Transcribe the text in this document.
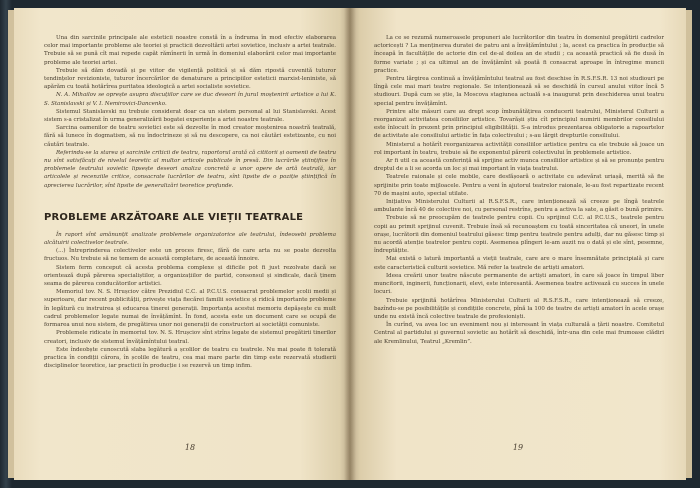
Una din sarcinile principale ale esteticii noastre constă în a îndruma în mod efectiv elaborarea celor mai importante probleme ale teoriei și practicii dezvoltării artei sovietice, inclusiv a artei teatrale. Trebuie să se pună cît mai repede capăt rămînerii în urmă în domeniul elaborării celor mai importante probleme ale teoriei artei.

Trebuie să dăm dovadă și pe viitor de vigilență politică și să dăm ripostă cuvenită tuturor tendințelor revizioniste, tuturor încercărilor de denaturare a principiilor esteticii marxist-leniniste, să apărăm cu toată hotărîrea puritatea ideologică a artei socialiste sovietice.

N. A. Mihailov se oprește asupra discuțiilor care se duc deseori în jurul moștenirii artistice a lui K. S. Stanislavski și V. I. Nemirovici-Dancenko.

Sistemul Stanislavski nu trebuie considerat doar ca un sistem personal al lui Stanislavski. Acest sistem s-a cristalizat în urma generalizării bogatei experiențe a artei noastre teatrale.

Sarcina oamenilor de teatru sovietici este să dezvolte în mod creator moștenirea noastră teatrală, fără să lunece în dogmatism, să nu îndoctrineze și să nu descopere, ca noi căutări estetizante, cu noi căutări teatrale.

Referindu-se la starea și sarcinile criticii de teatru, raportorul arată că cititorii și oamenii de teatru nu sînt satisfăcuți de nivelul teoretic al multor articole publicate în presă. Din lucrările științifice în problemele teatrului sovietic lipsește deseori analiza concretă a unor opere de artă teatrală, iar articolele și recenziile critice, consacrate lucrărilor de teatru, sînt lipsite de o poziție științifică în aprecierea lucrărilor, sînt lipsite de generalizări teoretice profunde.

PROBLEME ARZĂTOARE ALE VIEȚII TEATRALE

În raport sînt amănunțit analizate problemele organizatorice ale teatrului, îndeosebi problema alcătuirii colectivelor teatrale.

(...) Întreprinderea colectivelor este un proces firesc, fără de care arta nu se poate dezvolta fructuos. Nu trebuie să ne temem de această completare, de această înnoire.

Sistem ferm conceput că acesta problema complexe și dificile pot fi just rezolvate dacă se orientează după părerea specialiștilor, a organizațiilor de partid, consonsul și sindicale, dacă ținem seama de părerea conducătorilor artistici.

Memoriul tov. N. S. Hrușciov către Prezidiul C.C. al P.C.U.S. consacrat problemelor școlii medii și superioare, dar recent publicității, privește viața fiecărei familii sovietice și ridică importante probleme în legătură cu instruirea și educarea tinerei generații. Importanța acestui memoriu depășește cu mult cadrul problemelor legate numai de învățămînt. În fond, acesta este un document care se ocupă de formarea unui nou sistem, de pregătirea unor noi generații de constructori ai societății comuniste.

Problemele ridicate în memoriul tov. N. S. Hrușciov sînt strîns legate de sistemul pregătirii tinerilor creatori, inclusiv de sistemul învățămîntului teatral.

Este îndeobște cunoscută slaba legătură a școlilor de teatru cu teatrele. Nu mai poate fi tolerată practica în condiții cărora, în școlile de teatru, cea mai mare parte din timp este rezervată studierii disciplinelor teoretice, iar practicii în producție i se rezervă un timp infim.

18

La ce se rezumă numeroasele propuneri ale lucrătorilor din teatru în domeniul pregătirii cadrelor actoricești ? La menținerea duratei de patru ani a învățămîntului ; la, acest ca practica în producție să înceapă în facultățile de actorie din cel de-al doilea an de studii ; ca această practică să fie dusă în forme variate ; și ca ultimul an de învățămînt să poată fi consacrat aproape în întregime muncii practice.

Pentru lărgirea continuă a învățămîntului teatral au fost deschise în R.S.F.S.R. 13 noi studiouri pe lîngă cele mai mari teatre regionale. Se intenționează să se deschidă în cursul anului viitor încă 5 studiouri. După cum se știe, la Moscova stagiunea actuală s-a inaugurat prin deschiderea unui teatru special pentru învățămînt.

Printre alte măsuri care au drept scop îmbunătățirea conducerii teatrului, Ministerul Culturii a reorganizat activitatea consiliilor artistice. Tovarășii știu cît principiul numirii membrilor consiliului este înlocuit în prezent prin principiul eligibilității. S-a introdus prezentarea obligatorie a rapoartelor de activitate ale consiliului artistic în fața colectivului ; s-au lărgit drepturile consiliului.

Ministerul a hotărît reorganizarea activității consiliilor artistice pentru ca ele trebuie să joace un rol important în teatru, trebuie să fie exponentul părerii colectivului în problemele artistice.

Ar fi util ca această conferință să sprijine activ munca consiliilor artistice și să se pronunțe pentru dreptul de a li se acorda un loc și mai important în viața teatrului.

Teatrele raionale și cele mobile, care desfășoară o activitate cu adevărat uriașă, merită să fie sprijinite prin toate mijloacele. Pentru a veni în ajutorul teatrelor raionale, le-au fost repartizate recent 70 de mașini auto, special utilate.

Inițiativa Ministerului Culturii al R.S.F.S.R., care intenționează să creeze pe lîngă teatrele ambulante încă 40 de colective noi, cu personal restrîns, pentru a activa la sate, a găsit o bună primire.

Trebuie să ne preocupăm de teatrele pentru copii. Cu sprijinul C.C. al P.C.U.S., teatrele pentru copii au primit sprijinul cuvenit. Trebuie însă să recunoaștem cu toată sinceritatea că uneori, în unele orașe, lucrătorii din domeniul teatrului găsesc timp pentru teatrele pentru adulți, dar nu găsesc timp și nu acordă atenție teatrelor pentru copii. Asemenea plîngeri le-am auzit nu o dată și ele sînt, pesemne, îndreptățite.

Mai există o latură importantă a vieții teatrale, care are o mare însemnătate principială și care este caracteristică culturii sovietice. Mă refer la teatrele de artiști amatori.

Ideea creării unor teatre născute permanente de artiști amatori, în care să joace în timpul liber muncitorii, inginerii, funcționarii, elevi, este interesantă. Asemenea teatre activează cu succes în unele locuri.

Trebuie sprijinită hotărîrea Ministerului Culturii al R.S.F.S.R., care intenționează să creeze, bazîndu-se pe posibilitățile și condițiile concrete, pînă la 100 de teatre de artiști amatori în acele orașe unde nu există încă colective teatrale de profesioniști.

În curînd, va avea loc un eveniment nou și interesant în viața culturală a țării noastre. Comitetul Central al partidului și guvernul sovietic au hotărît să deschidă, într-una din cele mai frumoase clădiri ale Kremlinului, Teatrul „Kremlin”.

19
